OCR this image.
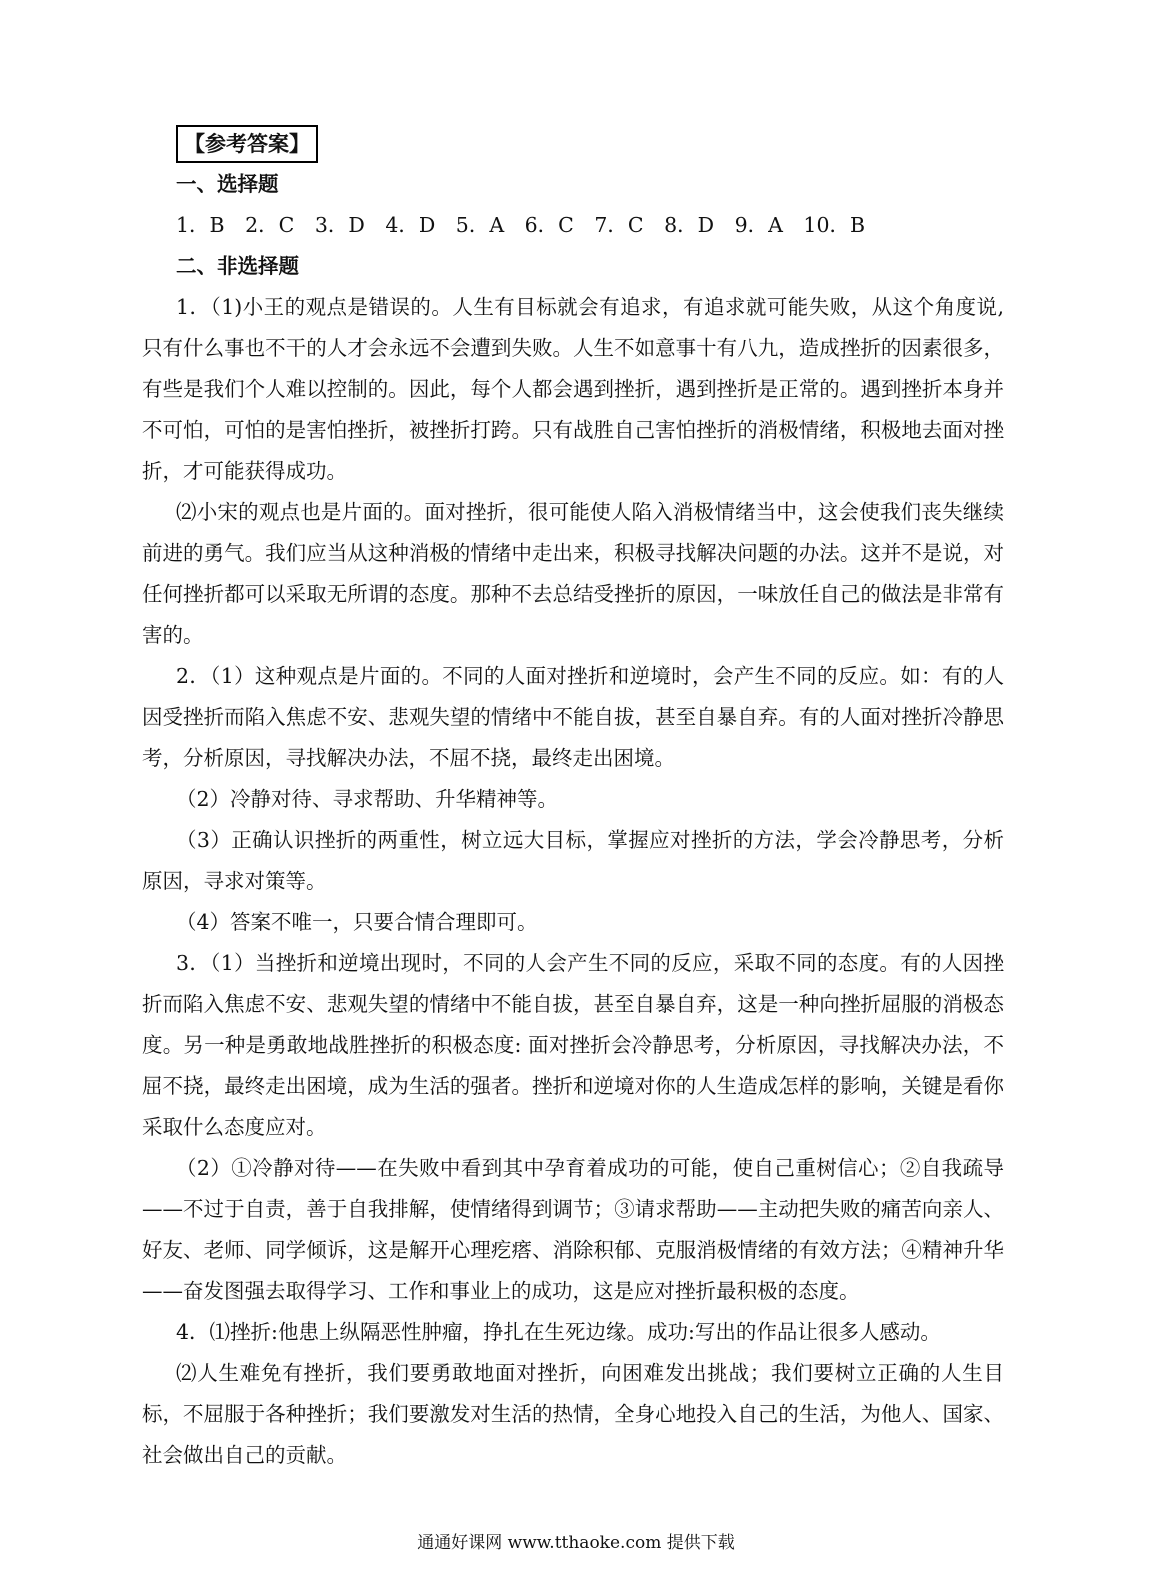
【参考答案】
一、选择题
1．B　2．C　3．D　4．D　5．A　6．C　7．C　8．D　9．A　10．B
二、非选择题

1．（1)小王的观点是错误的。人生有目标就会有追求，有追求就可能失败，从这个角度说,只有什么事也不干的人才会永远不会遭到失败。人生不如意事十有八九，造成挫折的因素很多，有些是我们个人难以控制的。因此，每个人都会遇到挫折，遇到挫折是正常的。遇到挫折本身并不可怕，可怕的是害怕挫折，被挫折打跨。只有战胜自己害怕挫折的消极情绪，积极地去面对挫折，才可能获得成功。

⑵小宋的观点也是片面的。面对挫折，很可能使人陷入消极情绪当中，这会使我们丧失继续前进的勇气。我们应当从这种消极的情绪中走出来，积极寻找解决问题的办法。这并不是说，对任何挫折都可以采取无所谓的态度。那种不去总结受挫折的原因，一味放任自己的做法是非常有害的。

2．（1）这种观点是片面的。不同的人面对挫折和逆境时，会产生不同的反应。如：有的人因受挫折而陷入焦虑不安、悲观失望的情绪中不能自拔，甚至自暴自弃。有的人面对挫折冷静思考，分析原因，寻找解决办法，不屈不挠，最终走出困境。

（2）冷静对待、寻求帮助、升华精神等。

（3）正确认识挫折的两重性，树立远大目标，掌握应对挫折的方法，学会冷静思考，分析原因，寻求对策等。

（4）答案不唯一，只要合情合理即可。

3．（1）当挫折和逆境出现时，不同的人会产生不同的反应，采取不同的态度。有的人因挫折而陷入焦虑不安、悲观失望的情绪中不能自拔，甚至自暴自弃，这是一种向挫折屈服的消极态度。另一种是勇敢地战胜挫折的积极态度: 面对挫折会冷静思考，分析原因，寻找解决办法，不屈不挠，最终走出困境，成为生活的强者。挫折和逆境对你的人生造成怎样的影响，关键是看你采取什么态度应对。

（2）①冷静对待——在失败中看到其中孕育着成功的可能，使自己重树信心；②自我疏导——不过于自责，善于自我排解，使情绪得到调节；③请求帮助——主动把失败的痛苦向亲人、好友、老师、同学倾诉，这是解开心理疙瘩、消除积郁、克服消极情绪的有效方法；④精神升华——奋发图强去取得学习、工作和事业上的成功，这是应对挫折最积极的态度。

4．⑴挫折:他患上纵隔恶性肿瘤，挣扎在生死边缘。成功:写出的作品让很多人感动。

⑵人生难免有挫折，我们要勇敢地面对挫折，向困难发出挑战；我们要树立正确的人生目标，不屈服于各种挫折；我们要激发对生活的热情，全身心地投入自己的生活，为他人、国家、社会做出自己的贡献。

通通好课网 www.tthaoke.com 提供下载
